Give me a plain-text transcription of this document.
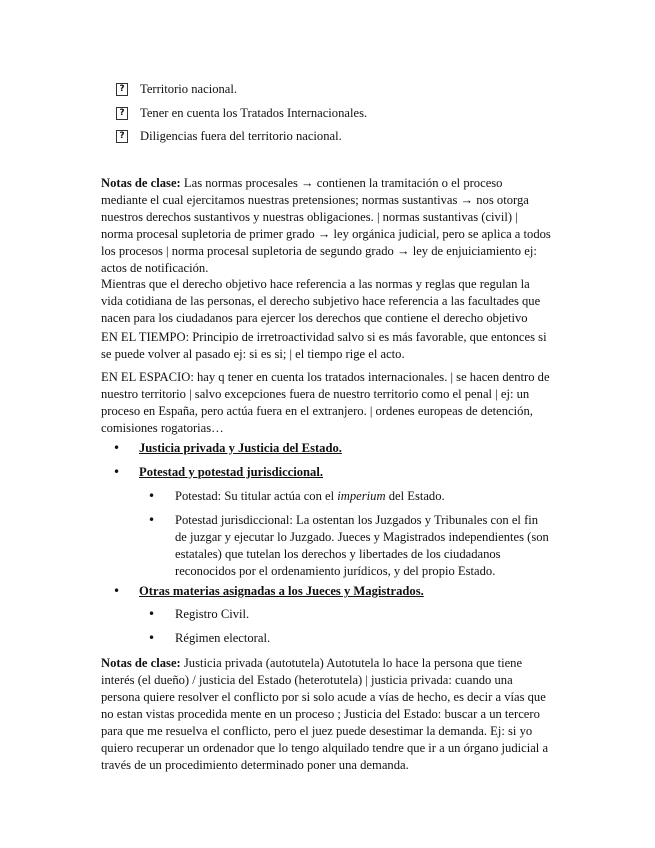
? Territorio nacional.
? Tener en cuenta los Tratados Internacionales.
? Diligencias fuera del territorio nacional.

Notas de clase: Las normas procesales → contienen la tramitación o el proceso mediante el cual ejercitamos nuestras pretensiones; normas sustantivas → nos otorga nuestros derechos sustantivos y nuestras obligaciones. | normas sustantivas (civil) | norma procesal supletoria de primer grado → ley orgánica judicial, pero se aplica a todos los procesos | norma procesal supletoria de segundo grado → ley de enjuiciamiento ej: actos de notificación.

Mientras que el derecho objetivo hace referencia a las normas y reglas que regulan la vida cotidiana de las personas, el derecho subjetivo hace referencia a las facultades que nacen para los ciudadanos para ejercer los derechos que contiene el derecho objetivo

EN EL TIEMPO: Principio de irretroactividad salvo si es más favorable, que entonces si se puede volver al pasado ej: si es si; | el tiempo rige el acto.

EN EL ESPACIO: hay q tener en cuenta los tratados internacionales. | se hacen dentro de nuestro territorio | salvo excepciones fuera de nuestro territorio como el penal | ej: un proceso en España, pero actúa fuera en el extranjero. | ordenes europeas de detención, comisiones rogatorias…

• Justicia privada y Justicia del Estado.
• Potestad y potestad jurisdiccional.
• Potestad: Su titular actúa con el imperium del Estado.
• Potestad jurisdiccional: La ostentan los Juzgados y Tribunales con el fin de juzgar y ejecutar lo Juzgado. Jueces y Magistrados independientes (son estatales) que tutelan los derechos y libertades de los ciudadanos reconocidos por el ordenamiento jurídicos, y del propio Estado.
• Otras materias asignadas a los Jueces y Magistrados.
• Registro Civil.
• Régimen electoral.

Notas de clase: Justicia privada (autotutela) Autotutela lo hace la persona que tiene interés (el dueño) / justicia del Estado (heterotutela) | justicia privada: cuando una persona quiere resolver el conflicto por si solo acude a vías de hecho, es decir a vías que no estan vistas procedida mente en un proceso ; Justicia del Estado: buscar a un tercero para que me resuelva el conflicto, pero el juez puede desestimar la demanda. Ej: si yo quiero recuperar un ordenador que lo tengo alquilado tendre que ir a un órgano judicial a través de un procedimiento determinado poner una demanda.
